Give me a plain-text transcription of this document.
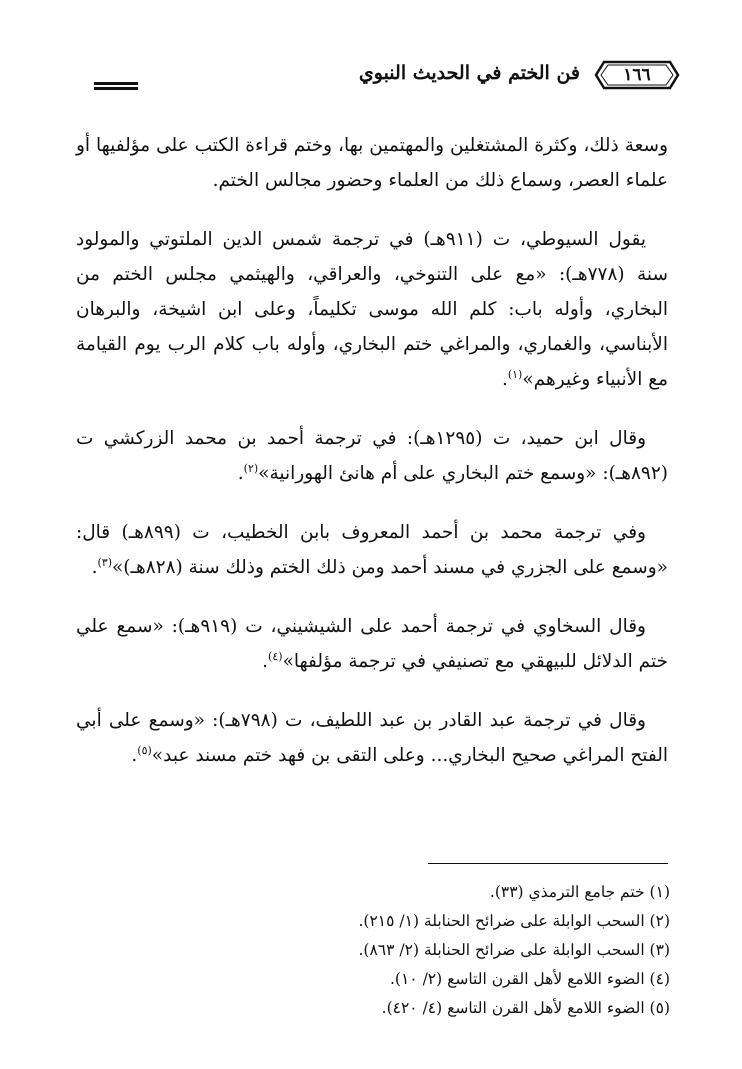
١٦٦
فن الختم في الحديث النبوي

وسعة ذلك، وكثرة المشتغلين والمهتمين بها، وختم قراءة الكتب على مؤلفيها أو علماء العصر، وسماع ذلك من العلماء وحضور مجالس الختم.

يقول السيوطي، ت (٩١١هـ) في ترجمة شمس الدين الملتوتي والمولود سنة (٧٧٨هـ): «مع على التنوخي، والعراقي، والهيثمي مجلس الختم من البخاري، وأوله باب: كلم الله موسى تكليماً، وعلى ابن اشيخة، والبرهان الأبناسي، والغماري، والمراغي ختم البخاري، وأوله باب كلام الرب يوم القيامة مع الأنبياء وغيرهم»$^{(١)}$.

وقال ابن حميد، ت (١٢٩٥هـ): في ترجمة أحمد بن محمد الزركشي ت (٨٩٢هـ): «وسمع ختم البخاري على أم هانئ الهورانية»$^{(٢)}$.

وفي ترجمة محمد بن أحمد المعروف بابن الخطيب، ت (٨٩٩هـ) قال: «وسمع على الجزري في مسند أحمد ومن ذلك الختم وذلك سنة (٨٢٨هـ)»$^{(٣)}$.

وقال السخاوي في ترجمة أحمد على الشيشيني، ت (٩١٩هـ): «سمع علي ختم الدلائل للبيهقي مع تصنيفي في ترجمة مؤلفها»$^{(٤)}$.

وقال في ترجمة عبد القادر بن عبد اللطيف، ت (٧٩٨هـ): «وسمع على أبي الفتح المراغي صحيح البخاري... وعلى التقى بن فهد ختم مسند عبد»$^{(٥)}$.

(١) ختم جامع الترمذي (٣٣).
(٢) السحب الوابلة على ضرائح الحنابلة (١/ ٢١٥).
(٣) السحب الوابلة على ضرائح الحنابلة (٢/ ٨٦٣).
(٤) الضوء اللامع لأهل القرن التاسع (٢/ ١٠).
(٥) الضوء اللامع لأهل القرن التاسع (٤/ ٤٢٠).
